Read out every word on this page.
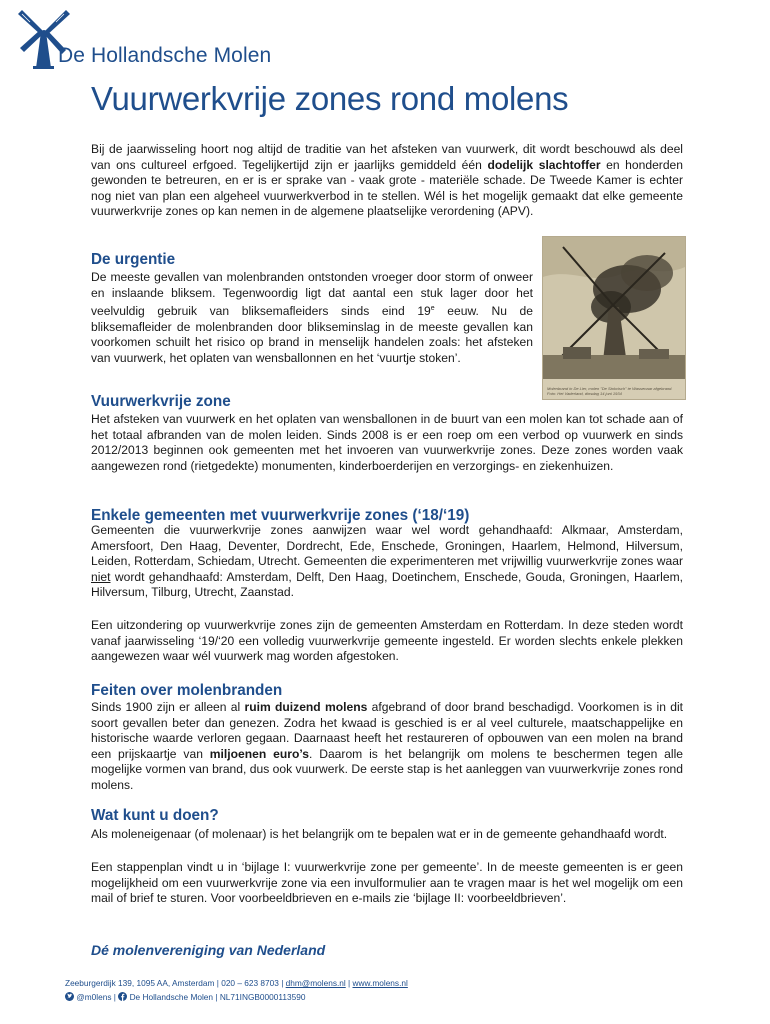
De Hollandsche Molen
Vuurwerkvrije zones rond molens

Bij de jaarwisseling hoort nog altijd de traditie van het afsteken van vuurwerk, dit wordt beschouwd als deel van ons cultureel erfgoed. Tegelijkertijd zijn er jaarlijks gemiddeld één dodelijk slachtoffer en honderden gewonden te betreuren, en er is er sprake van - vaak grote - materiële schade. De Tweede Kamer is echter nog niet van plan een algeheel vuurwerkverbod in te stellen. Wél is het mogelijk gemaakt dat elke gemeente vuurwerkvrije zones op kan nemen in de algemene plaatselijke verordening (APV).

De urgentie

De meeste gevallen van molenbranden ontstonden vroeger door storm of onweer en inslaande bliksem. Tegenwoordig ligt dat aantal een stuk lager door het veelvuldig gebruik van bliksemafleiders sinds eind 19e eeuw. Nu de bliksemafleider de molenbranden door blikseminslag in de meeste gevallen kan voorkomen schuilt het risico op brand in menselijk handelen zoals: het afsteken van vuurwerk, het oplaten van wensballonnen en het ‘vuurtje stoken’.

Molenbrand in De Lier, molen "De Stokvisch" te Wassenaar afgebrand. Foto: Het Vaderland, dinsdag 14 juni 1934
Vuurwerkvrije zone

Het afsteken van vuurwerk en het oplaten van wensballonen in de buurt van een molen kan tot schade aan of het totaal afbranden van de molen leiden. Sinds 2008 is er een roep om een verbod op vuurwerk en sinds 2012/2013 beginnen ook gemeenten met het invoeren van vuurwerkvrije zones. Deze zones worden vaak aangewezen rond (rietgedekte) monumenten, kinderboerderijen en verzorgings- en ziekenhuizen.

Enkele gemeenten met vuurwerkvrije zones (‘18/‘19)

Gemeenten die vuurwerkvrije zones aanwijzen waar wel wordt gehandhaafd: Alkmaar, Amsterdam, Amersfoort, Den Haag, Deventer, Dordrecht, Ede, Enschede, Groningen, Haarlem, Helmond, Hilversum, Leiden, Rotterdam, Schiedam, Utrecht. Gemeenten die experimenteren met vrijwillig vuurwerkvrije zones waar niet wordt gehandhaafd: Amsterdam, Delft, Den Haag, Doetinchem, Enschede, Gouda, Groningen, Haarlem, Hilversum, Tilburg, Utrecht, Zaanstad.

Een uitzondering op vuurwerkvrije zones zijn de gemeenten Amsterdam en Rotterdam. In deze steden wordt vanaf jaarwisseling ‘19/‘20 een volledig vuurwerkvrije gemeente ingesteld. Er worden slechts enkele plekken aangewezen waar wél vuurwerk mag worden afgestoken.

Feiten over molenbranden

Sinds 1900 zijn er alleen al ruim duizend molens afgebrand of door brand beschadigd. Voorkomen is in dit soort gevallen beter dan genezen. Zodra het kwaad is geschied is er al veel culturele, maatschappelijke en historische waarde verloren gegaan. Daarnaast heeft het restaureren of opbouwen van een molen na brand een prijskaartje van miljoenen euro’s. Daarom is het belangrijk om molens te beschermen tegen alle mogelijke vormen van brand, dus ook vuurwerk. De eerste stap is het aanleggen van vuurwerkvrije zones rond molens.

Wat kunt u doen?

Als moleneigenaar (of molenaar) is het belangrijk om te bepalen wat er in de gemeente gehandhaafd wordt.

Een stappenplan vindt u in ‘bijlage I: vuurwerkvrije zone per gemeente’. In de meeste gemeenten is er geen mogelijkheid om een vuurwerkvrije zone via een invulformulier aan te vragen maar is het wel mogelijk om een mail of brief te sturen. Voor voorbeeldbrieven en e-mails zie ‘bijlage II: voorbeeldbrieven’.

Dé molenvereniging van Nederland
Zeeburgerdijk 139, 1095 AA, Amsterdam | 020 – 623 8703 | dhm@molens.nl | www.molens.nl
@m0lens |  De Hollandsche Molen | NL71INGB0000113590
